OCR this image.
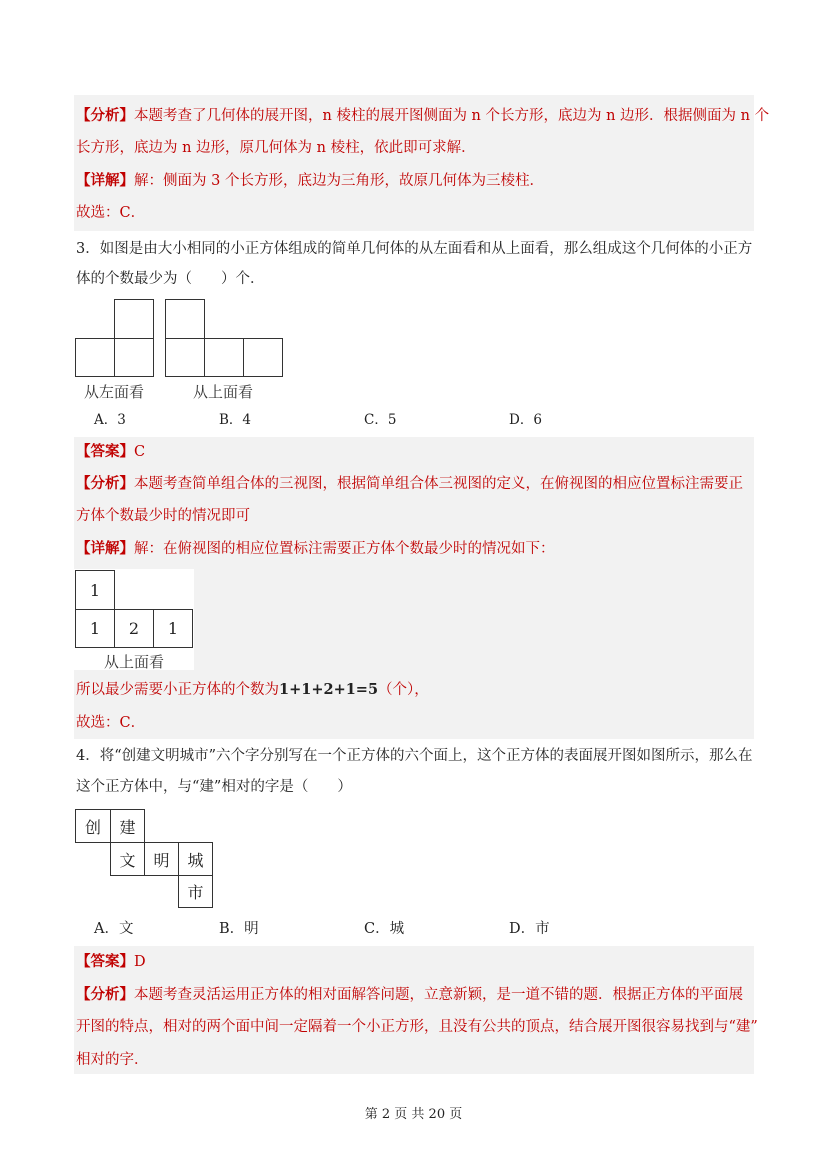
【分析】本题考查了几何体的展开图，n 棱柱的展开图侧面为 n 个长方形，底边为 n 边形．根据侧面为 n 个
长方形，底边为 n 边形，原几何体为 n 棱柱，依此即可求解．
【详解】解：侧面为 3 个长方形，底边为三角形，故原几何体为三棱柱．
故选：C．
3．如图是由大小相同的小正方体组成的简单几何体的从左面看和从上面看，那么组成这个几何体的小正方
体的个数最少为（　　）个．
从左面看	从上面看
A．3	B．4	C．5	D．6
【答案】C
【分析】本题考查简单组合体的三视图，根据简单组合体三视图的定义，在俯视图的相应位置标注需要正
方体个数最少时的情况即可
【详解】解：在俯视图的相应位置标注需要正方体个数最少时的情况如下：
1
1	2	1
从上面看
所以最少需要小正方体的个数为1+1+2+1=5（个），
故选：C．
4．将“创建文明城市”六个字分别写在一个正方体的六个面上，这个正方体的表面展开图如图所示，那么在
这个正方体中，与“建”相对的字是（　　）
创	建
文	明	城
市
A．文	B．明	C．城	D．市
【答案】D
【分析】本题考查灵活运用正方体的相对面解答问题，立意新颖，是一道不错的题．根据正方体的平面展
开图的特点，相对的两个面中间一定隔着一个小正方形，且没有公共的顶点，结合展开图很容易找到与“建”
相对的字．
第 2 页 共 20 页
